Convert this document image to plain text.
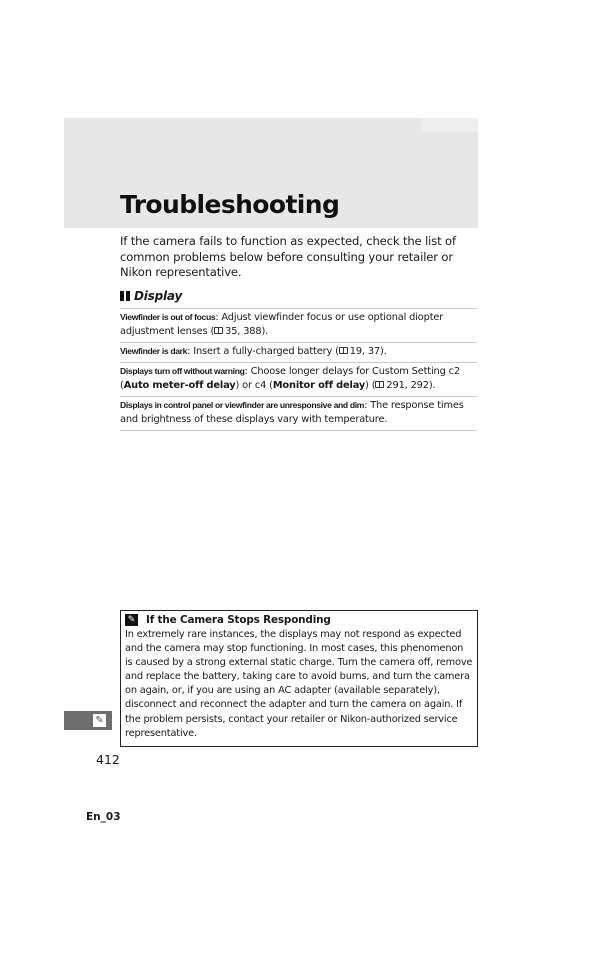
Troubleshooting

If the camera fails to function as expected, check the list of common problems below before consulting your retailer or Nikon representative.

Display
Viewfinder is out of focus: Adjust viewfinder focus or use optional diopter adjustment lenses ( 35, 388).
Viewfinder is dark: Insert a fully-charged battery ( 19, 37).
Displays turn off without warning: Choose longer delays for Custom Setting c2 (Auto meter-off delay) or c4 (Monitor off delay) ( 291, 292).
Displays in control panel or viewfinder are unresponsive and dim: The response times and brightness of these displays vary with temperature.

✎ If the Camera Stops Responding

In extremely rare instances, the displays may not respond as expected and the camera may stop functioning. In most cases, this phenomenon is caused by a strong external static charge. Turn the camera off, remove and replace the battery, taking care to avoid burns, and turn the camera on again, or, if you are using an AC adapter (available separately), disconnect and reconnect the adapter and turn the camera on again. If the problem persists, contact your retailer or Nikon-authorized service representative.

✎

412

En_03
